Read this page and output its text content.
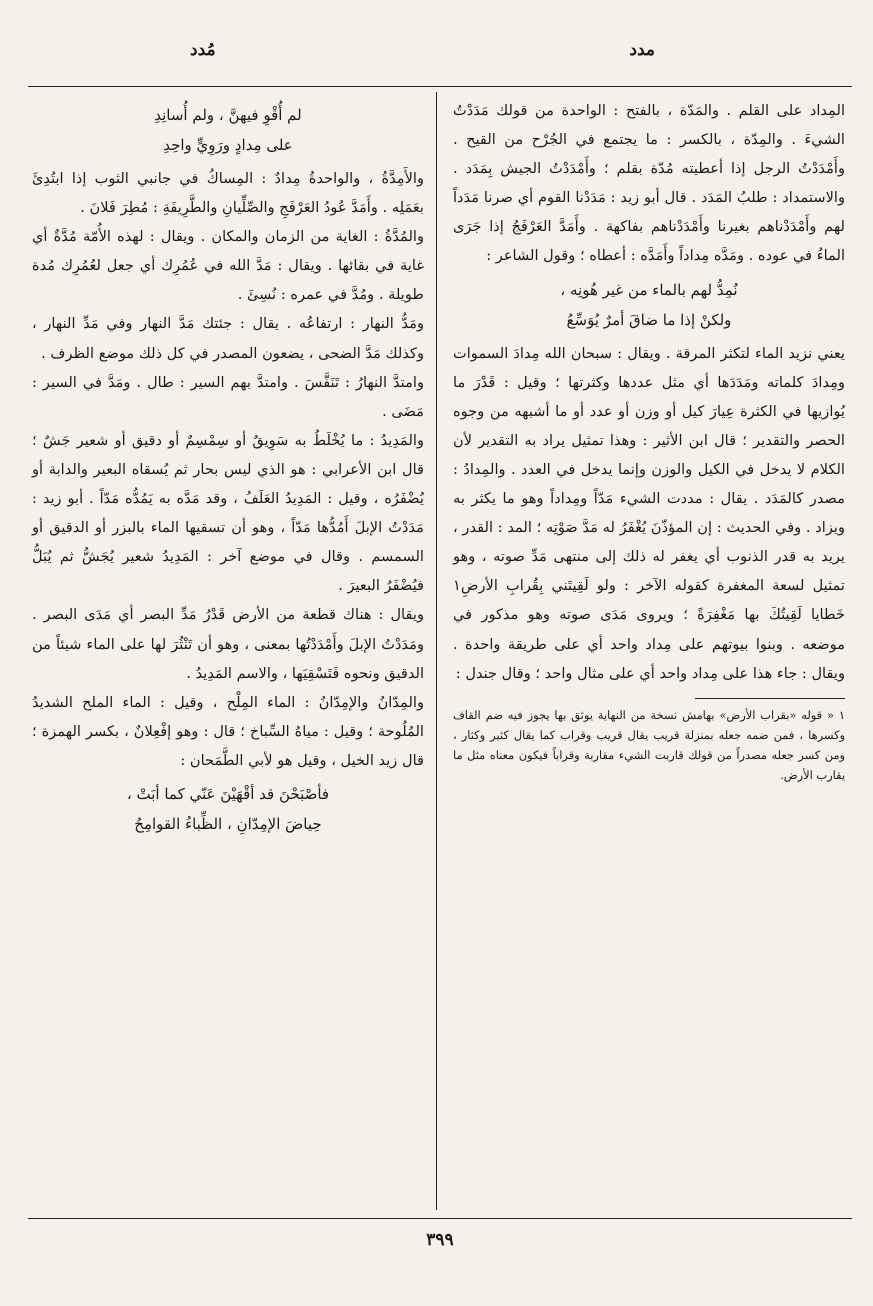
مدد
مُدد

المِداد على القلم . والمَدّة ، بالفتح : الواحدة من قولك مَدَدْتُ الشيءَ . والمِدّة ، بالكسر : ما يجتمع في الجُرْح من القيح . وأَمْدَدْتُ الرجل إذا أعطيته مُدّة بقلم ؛ وأَمْدَدْتُ الجيش بِمَدَد . والاستمداد : طلبُ المَدَد . قال أبو زيد : مَدَدْنا القوم أي صرنا مَدَداً لهم وأَمْدَدْناهم بغيرنا وأَمْدَدْناهم بفاكهة . وأَمَدَّ العَرْفَجُ إذا جَرَى الماءُ في عوده . ومَدَّه مِداداً وأَمَدَّه : أعطاه ؛ وقول الشاعر :

نُمِدُّ لهم بالماء من غير هُونِه ،
ولكنْ إذا ما ضاقَ أمرٌ يُوَسِّعُ

يعني نزيد الماء لتكثر المرقة . ويقال : سبحان الله مِدادَ السموات ومِدادَ كلماته ومَدَدَها أي مثل عددها وكثرتها ؛ وقيل : قَدْرَ ما يُوازيها في الكثرة عِيارَ كيل أو وزن أو عدد أو ما أشبهه من وجوه الحصر والتقدير ؛ قال ابن الأثير : وهذا تمثيل يراد به التقدير لأن الكلام لا يدخل في الكيل والوزن وإنما يدخل في العدد . والمِدادُ : مصدر كالمَدَد . يقال : مددت الشيء مَدّاً ومِداداً وهو ما يكثر به ويزاد . وفي الحديث : إن المؤذّنَ يُغْفَرُ له مَدَّ صَوْتِه ؛ المد : القدر ، يريد به قدر الذنوب أي يغفر له ذلك إلى منتهى مَدِّ صوته ، وهو تمثيل لسعة المغفرة كقوله الآخر : ولو لَقِيتَني بِقُرابِ الأرضِ١ خَطايا لَقِيتُكَ بها مَغْفِرَةً ؛ ويروى مَدَى صوته وهو مذكور في موضعه . وبنوا بيوتهم على مِداد واحد أي على طريقة واحدة . ويقال : جاء هذا على مِداد واحد أي على مثال واحد ؛ وقال جندل :

١ « قوله «بقراب الأرض» بهامش نسخة من النهاية يوثق بها يجوز فيه ضم القاف وكسرها ، فمن ضمه جعله بمنزلة قريب يقال قريب وقراب كما يقال كثير وكثار ، ومن كسر جعله مصدراً من قولك قاربت الشيء مقاربة وقراباً فيكون معناه مثل ما يقارب الأرض.

لم أُقْوِ فيهنَّ ، ولم أُسانِدِ
على مِدادٍ ورَوِيٍّ واحِدِ

والأَمِدَّةُ ، والواحدةُ مِدادٌ : المِساكُ في جانبي الثوب إذا ابتُدِئَ بعَمَلِه . وأَمَدَّ عُودُ العَرْفَجِ والصِّلِّيانِ والطَّرِيفَةِ : مُطِرَ فَلانَ .

والمُدَّةُ : الغاية من الزمان والمكان . ويقال : لهذه الأُمّة مُدَّةٌ أي غاية في بقائها . ويقال : مَدَّ الله في عُمُرِك أي جعل لعُمُرِك مُدة طويلة . ومُدَّ في عمره : نُسِئَ .

ومَدُّ النهار : ارتفاعُه . يقال : جئتك مَدَّ النهار وفي مَدِّ النهار ، وكذلك مَدَّ الضحى ، يضعون المصدر في كل ذلك موضع الظرف .

وامتدَّ النهارُ : تَنَفَّسَ . وامتدَّ بهم السير : طال . ومَدَّ في السير : مَضَى .

والمَدِيدُ : ما يُخْلَطُ به سَوِيقٌ أو سِمْسِمٌ أو دقيق أو شعير جَشٌ ؛ قال ابن الأعرابي : هو الذي ليس بحار ثم يُسقاه البعير والدابة أو يُضْفَرُه ، وقيل : المَدِيدُ العَلَفُ ، وقد مَدَّه به يَمُدُّه مَدّاً . أبو زيد : مَدَدْتُ الإبلَ أَمُدُّها مَدّاً ، وهو أن تسقيها الماء بالبزر أو الدقيق أو السمسم . وقال في موضع آخر : المَدِيدُ شعير يُجَشُّ ثم يُبَلُّ فيُضْفَرُ البعيرَ .

ويقال : هناك قطعة من الأرض قَدْرُ مَدِّ البصر أي مَدَى البصر . ومَدَدْتُ الإبلَ وأَمْدَدْتُها بمعنى ، وهو أن تَنْثُرَ لها على الماء شيئاً من الدقيق ونحوه فَتَسْقِيَها ، والاسم المَدِيدُ .

والمِدّانُ والإمِدّانُ : الماء المِلْح ، وقيل : الماء الملح الشديدُ المُلُوحة ؛ وقيل : مياهُ السِّباخ ؛ قال : وهو إفْعِلانٌ ، بكسر الهمزة ؛ قال زيد الخيل ، وقيل هو لأبي الطَّمَحان :

فأصْبَحْنَ قد أقْهَيْنَ عَنّي كما أبَتْ ،
حِياضَ الإمِدّانِ ، الظِّباءُ القوامِحُ
٣٩٩
